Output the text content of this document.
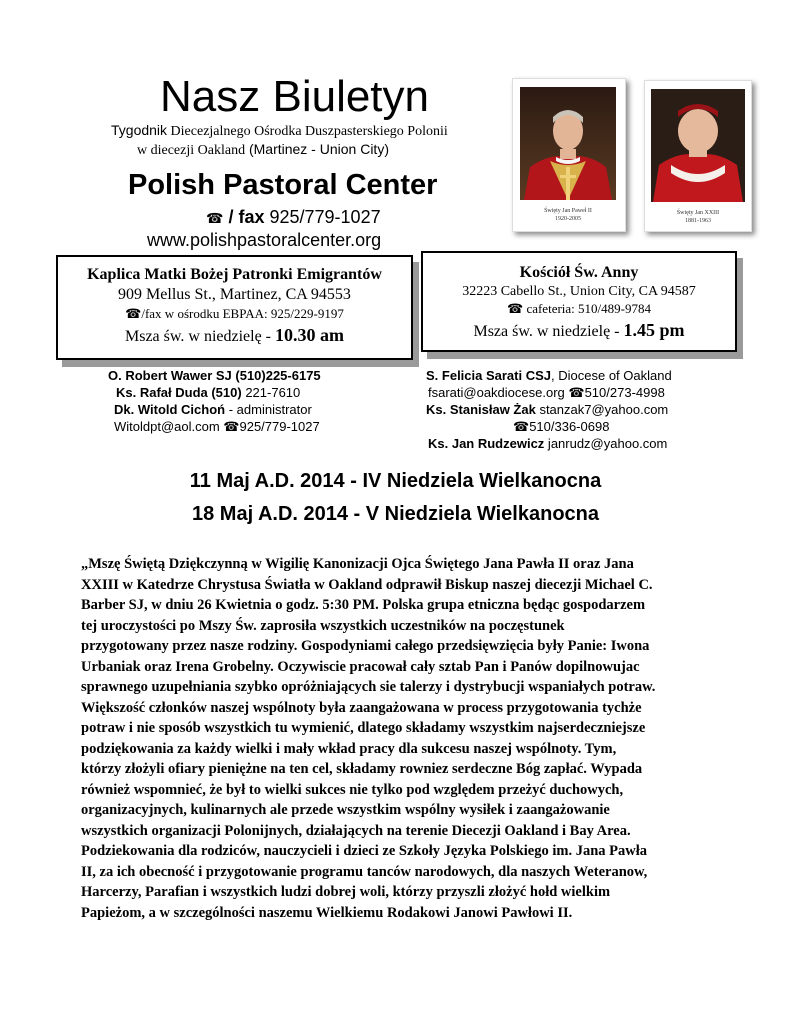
Nasz Biuletyn
Tygodnik Diecezjalnego Ośrodka Duszpasterskiego Polonii
w diecezji Oakland (Martinez - Union City)
Polish Pastoral Center
☎ / fax 925/779-1027
www.polishpastoralcenter.org
Święty Jan Paweł II
1920-2005
Święty Jan XXIII
1881-1963
Kaplica Matki Bożej Patronki Emigrantów
909 Mellus St., Martinez, CA 94553
☎/fax w ośrodku EBPAA: 925/229-9197
Msza św. w niedzielę - 10.30 am
Kościół Św. Anny
32223 Cabello St., Union City, CA 94587
☎ cafeteria: 510/489-9784
Msza św. w niedzielę - 1.45 pm
O. Robert Wawer SJ (510)225-6175
Ks. Rafał Duda (510) 221-7610
Dk. Witold Cichoń - administrator
Witoldpt@aol.com ☎925/779-1027
S. Felicia Sarati CSJ, Diocese of Oakland
fsarati@oakdiocese.org ☎510/273-4998
Ks. Stanisław Żak stanzak7@yahoo.com
☎510/336-0698
Ks. Jan Rudzewicz janrudz@yahoo.com
11 Maj A.D. 2014 - IV Niedziela Wielkanocna
18 Maj A.D. 2014 - V Niedziela Wielkanocna
„Mszę Świętą Dziękczynną w Wigilię Kanonizacji Ojca Świętego Jana Pawła II oraz Jana
XXIII w Katedrze Chrystusa Światła w Oakland odprawił Biskup naszej diecezji Michael C.
Barber SJ, w dniu 26 Kwietnia o godz. 5:30 PM. Polska grupa etniczna będąc gospodarzem
tej uroczystości po Mszy Św. zaprosiła wszystkich uczestników na poczęstunek
przygotowany przez nasze rodziny. Gospodyniami całego przedsięwzięcia były Panie: Iwona
Urbaniak oraz Irena Grobelny. Oczywiscie pracował cały sztab Pan i Panów dopilnowujac
sprawnego uzupełniania szybko opróżniających sie talerzy i dystrybucji wspaniałych potraw.
Większość członków naszej wspólnoty była zaangażowana w process przygotowania tychże
potraw i nie sposób wszystkich tu wymienić, dlatego składamy wszystkim najserdeczniejsze
podziękowania za każdy wielki i mały wkład pracy dla sukcesu naszej wspólnoty. Tym,
którzy złożyli ofiary pieniężne na ten cel, składamy rowniez serdeczne Bóg zapłać. Wypada
również wspomnieć, że był to wielki sukces nie tylko pod względem przeżyć duchowych,
organizacyjnych, kulinarnych ale przede wszystkim wspólny wysiłek i zaangażowanie
wszystkich organizacji Polonijnych, działających na terenie Diecezji Oakland i Bay Area.
Podziekowania dla rodziców, nauczycieli i dzieci ze Szkoły Języka Polskiego im. Jana Pawła
II, za ich obecność i przygotowanie programu tanców narodowych, dla naszych Weteranow,
Harcerzy, Parafian i wszystkich ludzi dobrej woli, którzy przyszli złożyć hołd wielkim
Papieżom, a w szczególności naszemu Wielkiemu Rodakowi Janowi Pawłowi II.
